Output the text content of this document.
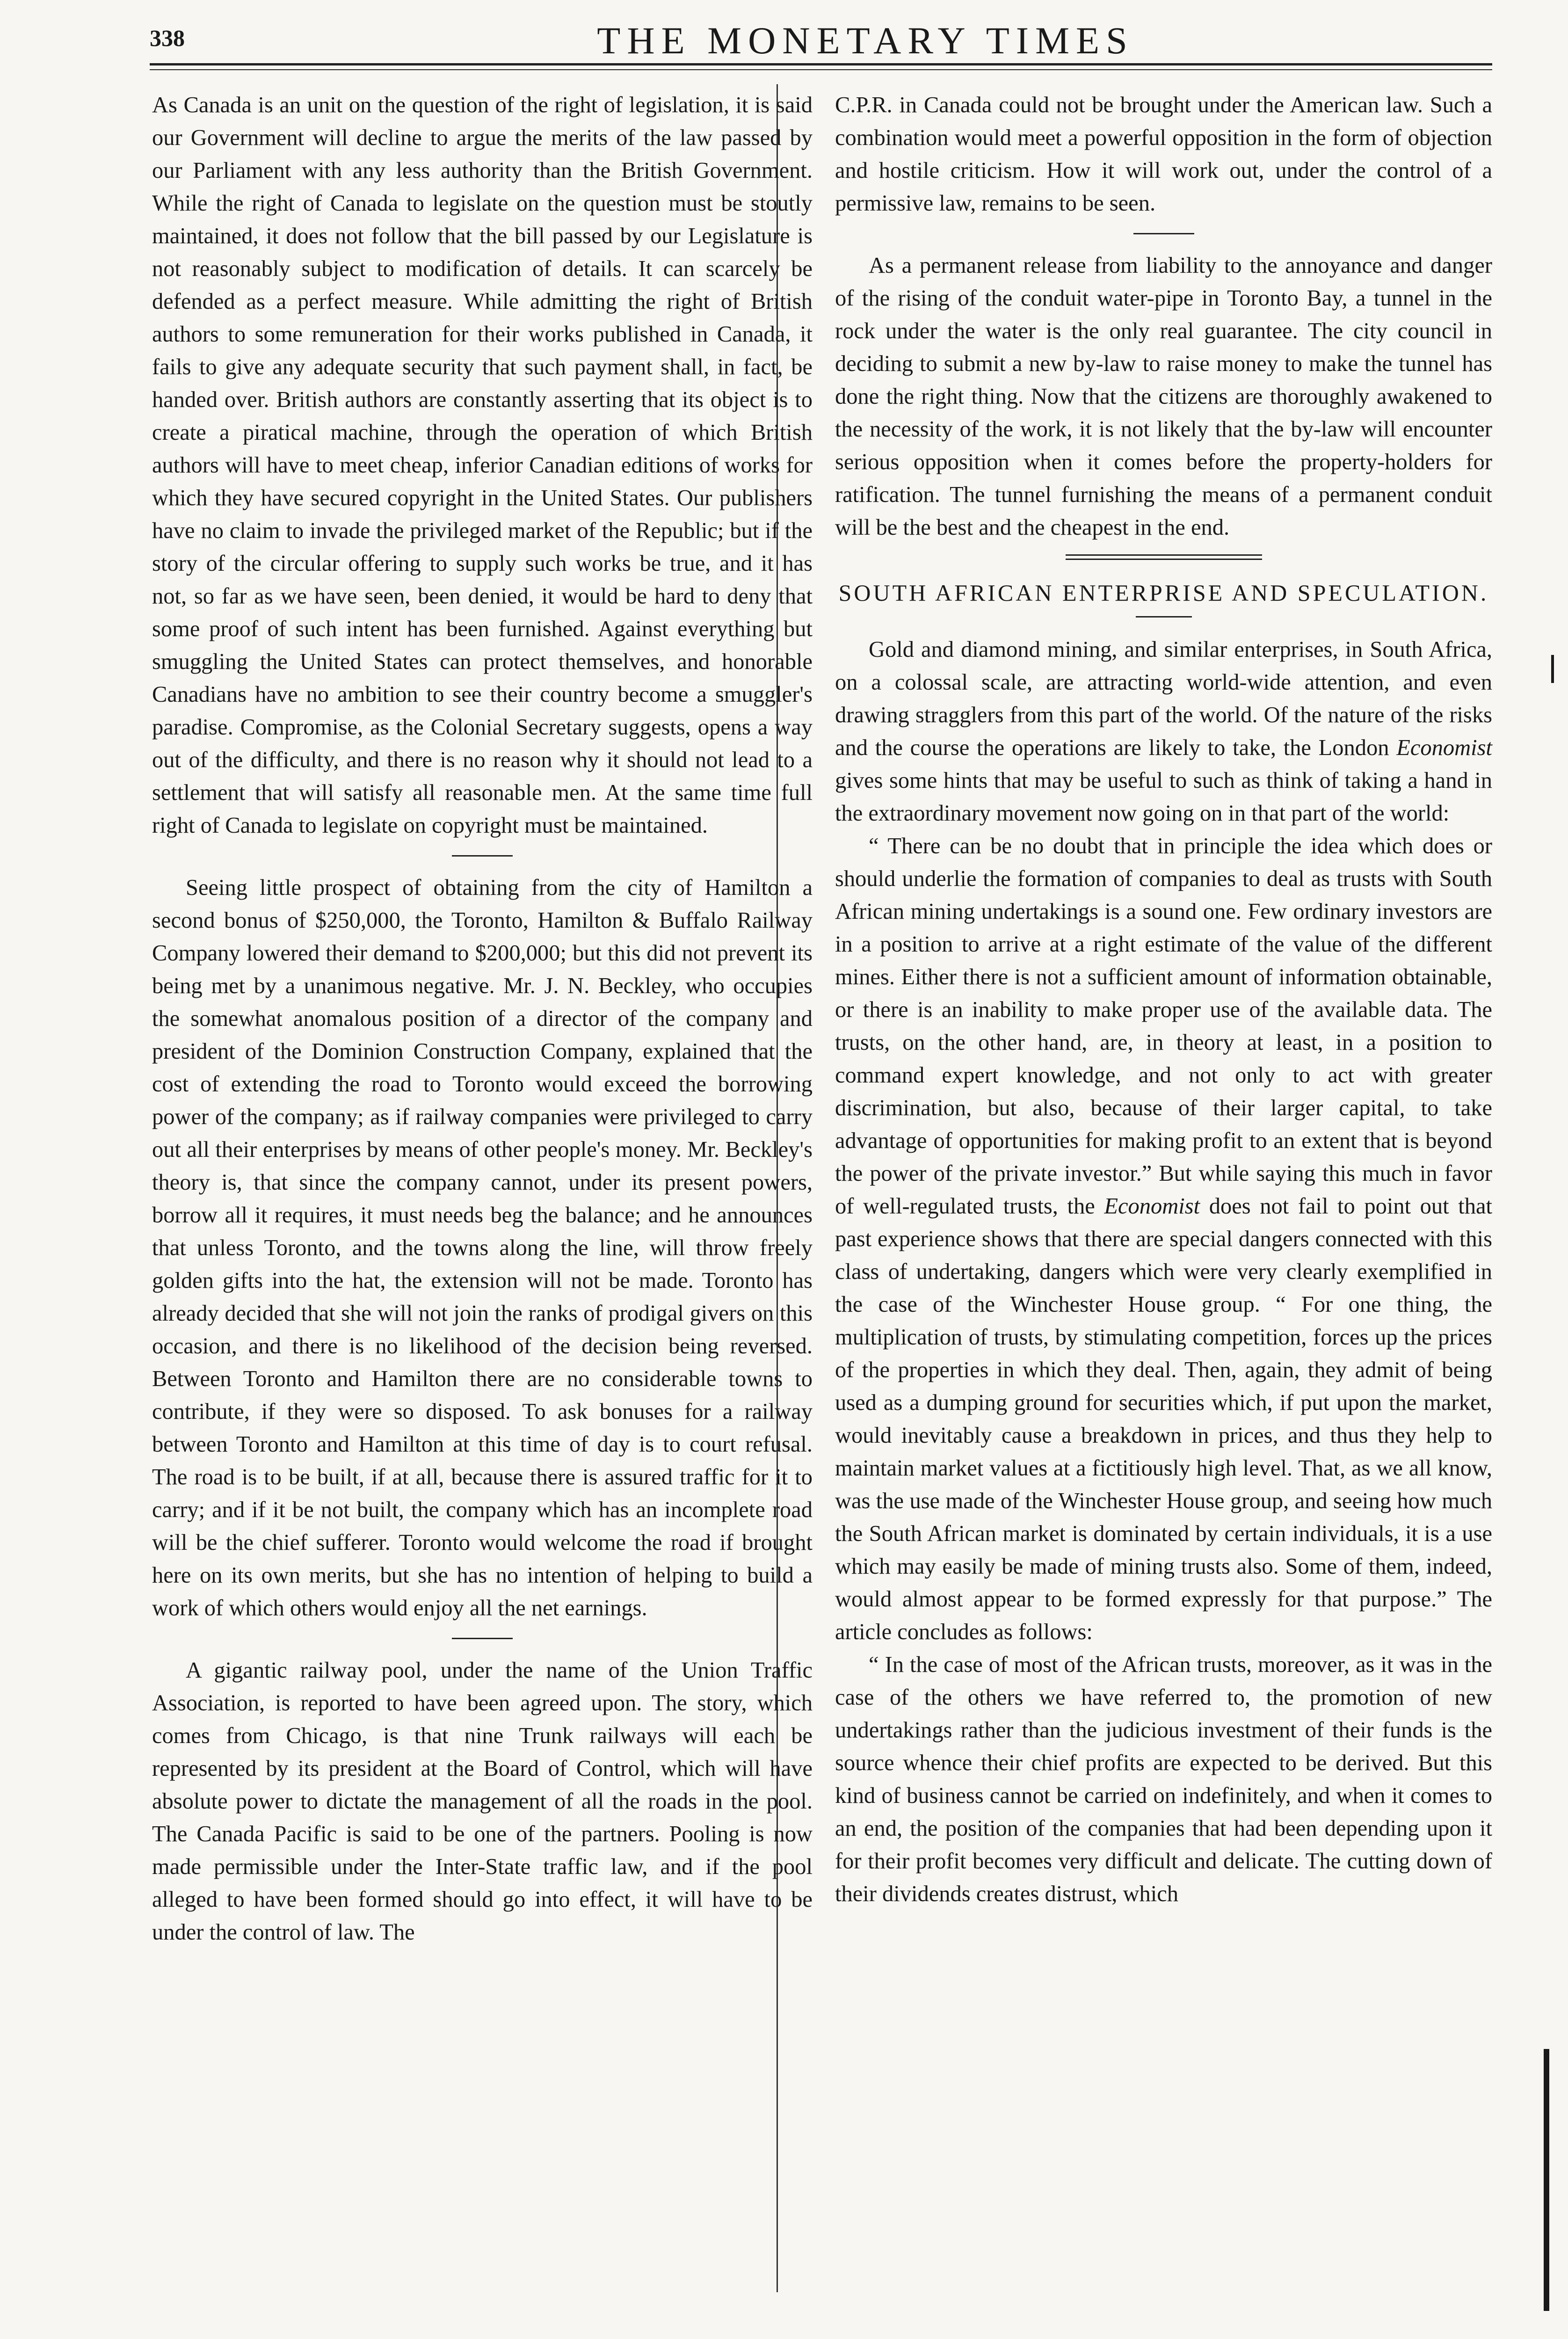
338	THE MONETARY TIMES

As Canada is an unit on the question of the right of legislation, it is said our Government will decline to argue the merits of the law passed by our Parliament with any less authority than the British Government. While the right of Canada to legislate on the question must be stoutly maintained, it does not follow that the bill passed by our Legislature is not reasonably subject to modification of details. It can scarcely be defended as a perfect measure. While admitting the right of British authors to some remuneration for their works published in Canada, it fails to give any adequate security that such payment shall, in fact, be handed over. British authors are constantly asserting that its object is to create a piratical machine, through the operation of which British authors will have to meet cheap, inferior Canadian editions of works for which they have secured copyright in the United States. Our publishers have no claim to invade the privileged market of the Republic; but if the story of the circular offering to supply such works be true, and it has not, so far as we have seen, been denied, it would be hard to deny that some proof of such intent has been furnished. Against everything but smuggling the United States can protect themselves, and honorable Canadians have no ambition to see their country become a smuggler's paradise. Compromise, as the Colonial Secretary suggests, opens a way out of the difficulty, and there is no reason why it should not lead to a settlement that will satisfy all reasonable men. At the same time full right of Canada to legislate on copyright must be maintained.

Seeing little prospect of obtaining from the city of Hamilton a second bonus of $250,000, the Toronto, Hamilton & Buffalo Railway Company lowered their demand to $200,000; but this did not prevent its being met by a unanimous negative. Mr. J. N. Beckley, who occupies the somewhat anomalous position of a director of the company and president of the Dominion Construction Company, explained that the cost of extending the road to Toronto would exceed the borrowing power of the company; as if railway companies were privileged to carry out all their enterprises by means of other people's money. Mr. Beckley's theory is, that since the company cannot, under its present powers, borrow all it requires, it must needs beg the balance; and he announces that unless Toronto, and the towns along the line, will throw freely golden gifts into the hat, the extension will not be made. Toronto has already decided that she will not join the ranks of prodigal givers on this occasion, and there is no likelihood of the decision being reversed. Between Toronto and Hamilton there are no considerable towns to contribute, if they were so disposed. To ask bonuses for a railway between Toronto and Hamilton at this time of day is to court refusal. The road is to be built, if at all, because there is assured traffic for it to carry; and if it be not built, the company which has an incomplete road will be the chief sufferer. Toronto would welcome the road if brought here on its own merits, but she has no intention of helping to build a work of which others would enjoy all the net earnings.

A gigantic railway pool, under the name of the Union Traffic Association, is reported to have been agreed upon. The story, which comes from Chicago, is that nine Trunk railways will each be represented by its president at the Board of Control, which will have absolute power to dictate the management of all the roads in the pool. The Canada Pacific is said to be one of the partners. Pooling is now made permissible under the Inter-State traffic law, and if the pool alleged to have been formed should go into effect, it will have to be under the control of law. The

C.P.R. in Canada could not be brought under the American law. Such a combination would meet a powerful opposition in the form of objection and hostile criticism. How it will work out, under the control of a permissive law, remains to be seen.

As a permanent release from liability to the annoyance and danger of the rising of the conduit water-pipe in Toronto Bay, a tunnel in the rock under the water is the only real guarantee. The city council in deciding to submit a new by-law to raise money to make the tunnel has done the right thing. Now that the citizens are thoroughly awakened to the necessity of the work, it is not likely that the by-law will encounter serious opposition when it comes before the property-holders for ratification. The tunnel furnishing the means of a permanent conduit will be the best and the cheapest in the end.

SOUTH AFRICAN ENTERPRISE AND SPECULATION.

Gold and diamond mining, and similar enterprises, in South Africa, on a colossal scale, are attracting world-wide attention, and even drawing stragglers from this part of the world. Of the nature of the risks and the course the operations are likely to take, the London Economist gives some hints that may be useful to such as think of taking a hand in the extraordinary movement now going on in that part of the world:

“ There can be no doubt that in principle the idea which does or should underlie the formation of companies to deal as trusts with South African mining undertakings is a sound one. Few ordinary investors are in a position to arrive at a right estimate of the value of the different mines. Either there is not a sufficient amount of information obtainable, or there is an inability to make proper use of the available data. The trusts, on the other hand, are, in theory at least, in a position to command expert knowledge, and not only to act with greater discrimination, but also, because of their larger capital, to take advantage of opportunities for making profit to an extent that is beyond the power of the private investor.” But while saying this much in favor of well-regulated trusts, the Economist does not fail to point out that past experience shows that there are special dangers connected with this class of undertaking, dangers which were very clearly exemplified in the case of the Winchester House group. “ For one thing, the multiplication of trusts, by stimulating competition, forces up the prices of the properties in which they deal. Then, again, they admit of being used as a dumping ground for securities which, if put upon the market, would inevitably cause a breakdown in prices, and thus they help to maintain market values at a fictitiously high level. That, as we all know, was the use made of the Winchester House group, and seeing how much the South African market is dominated by certain individuals, it is a use which may easily be made of mining trusts also. Some of them, indeed, would almost appear to be formed expressly for that purpose.” The article concludes as follows:

“ In the case of most of the African trusts, moreover, as it was in the case of the others we have referred to, the promotion of new undertakings rather than the judicious investment of their funds is the source whence their chief profits are expected to be derived. But this kind of business cannot be carried on indefinitely, and when it comes to an end, the position of the companies that had been depending upon it for their profit becomes very difficult and delicate. The cutting down of their dividends creates distrust, which
